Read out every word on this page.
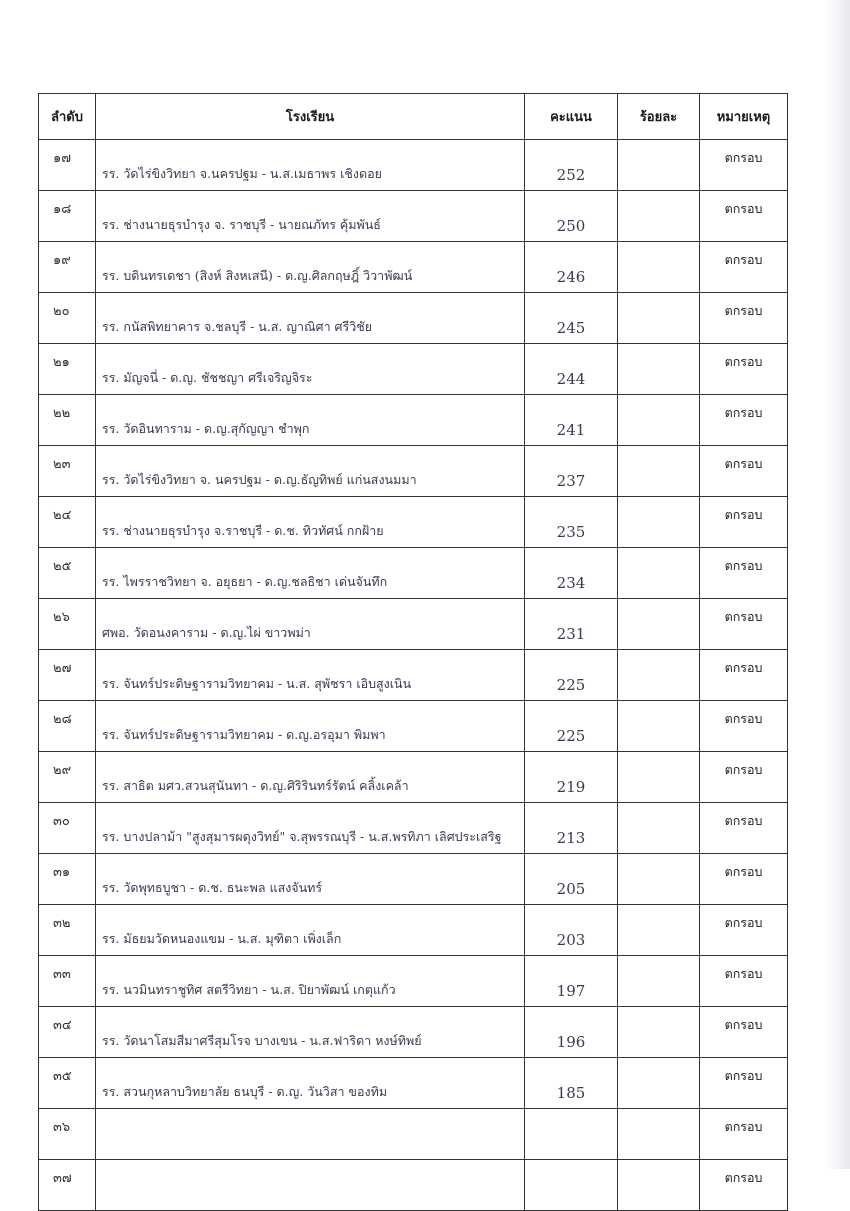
ลำดับ	โรงเรียน	คะแนน	ร้อยละ	หมายเหตุ
๑๗	รร. วัดไร่ขิงวิทยา จ.นครปฐม - น.ส.เมธาพร เชิงดอย	252		ตกรอบ
๑๘	รร. ช่างนายธุรบำรุง จ. ราชบุรี - นายณภัทร คุ้มพันธ์	250		ตกรอบ
๑๙	รร. บดินทรเดชา (สิงห์ สิงหเสนี) - ด.ญ.ศิลกฤษฎิ์ วิวาพัฒน์	246		ตกรอบ
๒๐	รร. กนัสพิทยาคาร จ.ชลบุรี - น.ส. ญาณิศา ศรีวิชัย	245		ตกรอบ
๒๑	รร. มัญจนี่ - ด.ญ. ชัชชญา ศรีเจริญจิระ	244		ตกรอบ
๒๒	รร. วัดอินทาราม - ด.ญ.สุกัญญา ชำพุก	241		ตกรอบ
๒๓	รร. วัดไร่ขิงวิทยา จ. นครปฐม - ด.ญ.ธัญทิพย์ แก่นสงนมมา	237		ตกรอบ
๒๔	รร. ช่างนายธุรบำรุง จ.ราชบุรี - ด.ช. ทิวทัศน์ กกฝ้าย	235		ตกรอบ
๒๕	รร. ไพรราชวิทยา จ. อยุธยา - ด.ญ.ชลธิชา เด่นจันทึก	234		ตกรอบ
๒๖	ศพอ. วัดอนงคาราม - ด.ญ.ไผ่ ขาวพม่า	231		ตกรอบ
๒๗	รร. จันทร์ประดิษฐารามวิทยาคม - น.ส. สุพัชรา เอิบสูงเนิน	225		ตกรอบ
๒๘	รร. จันทร์ประดิษฐารามวิทยาคม - ด.ญ.อรอุมา พิมพา	225		ตกรอบ
๒๙	รร. สาธิต มศว.สวนสุนันทา - ด.ญ.ศิริรินทร์รัตน์ คลิ้งเคล้า	219		ตกรอบ
๓๐	รร. บางปลาม้า "สูงสุมารผดุงวิทย์" จ.สุพรรณบุรี - น.ส.พรทิภา เลิศประเสริฐ	213		ตกรอบ
๓๑	รร. วัดพุทธบูชา - ด.ช. ธนะพล แสงจันทร์	205		ตกรอบ
๓๒	รร. มัธยมวัดหนองแขม - น.ส. มุฑิตา เพิ่งเล็ก	203		ตกรอบ
๓๓	รร. นวมินทราชูทิศ สตรีวิทยา - น.ส. ปิยาพัฒน์ เกตุแก้ว	197		ตกรอบ
๓๔	รร. วัดนาโสมสีมาศรีสุมโรจ บางเขน - น.ส.ฟาริดา หงษ์ทิพย์	196		ตกรอบ
๓๕	รร. สวนกุหลาบวิทยาลัย ธนบุรี - ด.ญ. วันวิสา ของทิม	185		ตกรอบ
๓๖				ตกรอบ
๓๗				ตกรอบ
